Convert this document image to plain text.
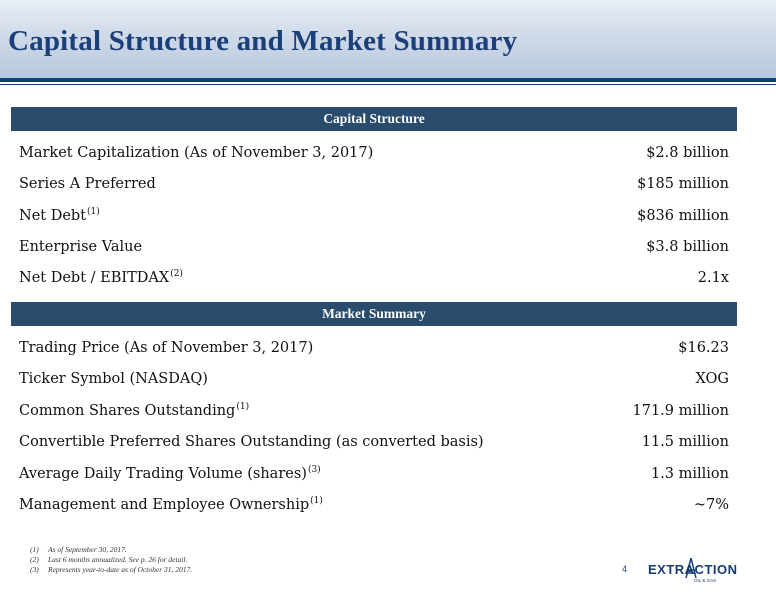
Capital Structure and Market Summary
Capital Structure
Market Capitalization (As of November 3, 2017)	$2.8 billion
Series A Preferred	$185 million
Net Debt$^{(1)}$	$836 million
Enterprise Value	$3.8 billion
Net Debt / EBITDAX$^{(2)}$	2.1x
Market Summary
Trading Price (As of November 3, 2017)	$16.23
Ticker Symbol (NASDAQ)	XOG
Common Shares Outstanding$^{(1)}$	171.9 million
Convertible Preferred Shares Outstanding (as converted basis)	11.5 million
Average Daily Trading Volume (shares)$^{(3)}$	1.3 million
Management and Employee Ownership$^{(1)}$	~7%
(1) As of September 30, 2017.
(2) Last 6 months annualized. See p. 26 for detail.
(3) Represents year-to-date as of October 31, 2017.	4 EXTRACTION
OIL & GAS
